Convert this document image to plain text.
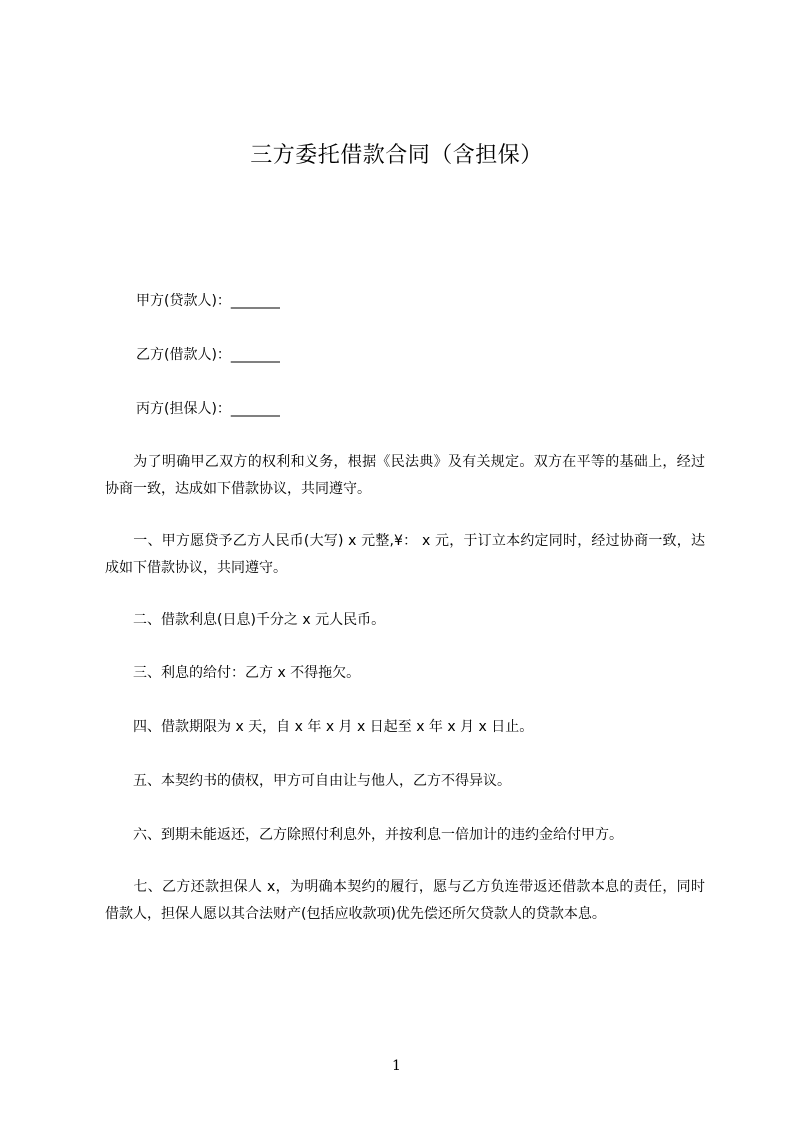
三方委托借款合同（含担保）
甲方(贷款人)：_______
乙方(借款人)：_______
丙方(担保人)：_______
为了明确甲乙双方的权利和义务，根据《民法典》及有关规定。双方在平等的基础上，经过协商一致，达成如下借款协议，共同遵守。
一、甲方愿贷予乙方人民币(大写) x 元整,¥： x 元，于订立本约定同时，经过协商一致，达成如下借款协议，共同遵守。
二、借款利息(日息)千分之 x 元人民币。
三、利息的给付：乙方 x 不得拖欠。
四、借款期限为 x 天，自 x 年 x 月 x 日起至 x 年 x 月 x 日止。
五、本契约书的债权，甲方可自由让与他人，乙方不得异议。
六、到期未能返还，乙方除照付利息外，并按利息一倍加计的违约金给付甲方。
七、乙方还款担保人 x，为明确本契约的履行，愿与乙方负连带返还借款本息的责任，同时借款人，担保人愿以其合法财产(包括应收款项)优先偿还所欠贷款人的贷款本息。
1
